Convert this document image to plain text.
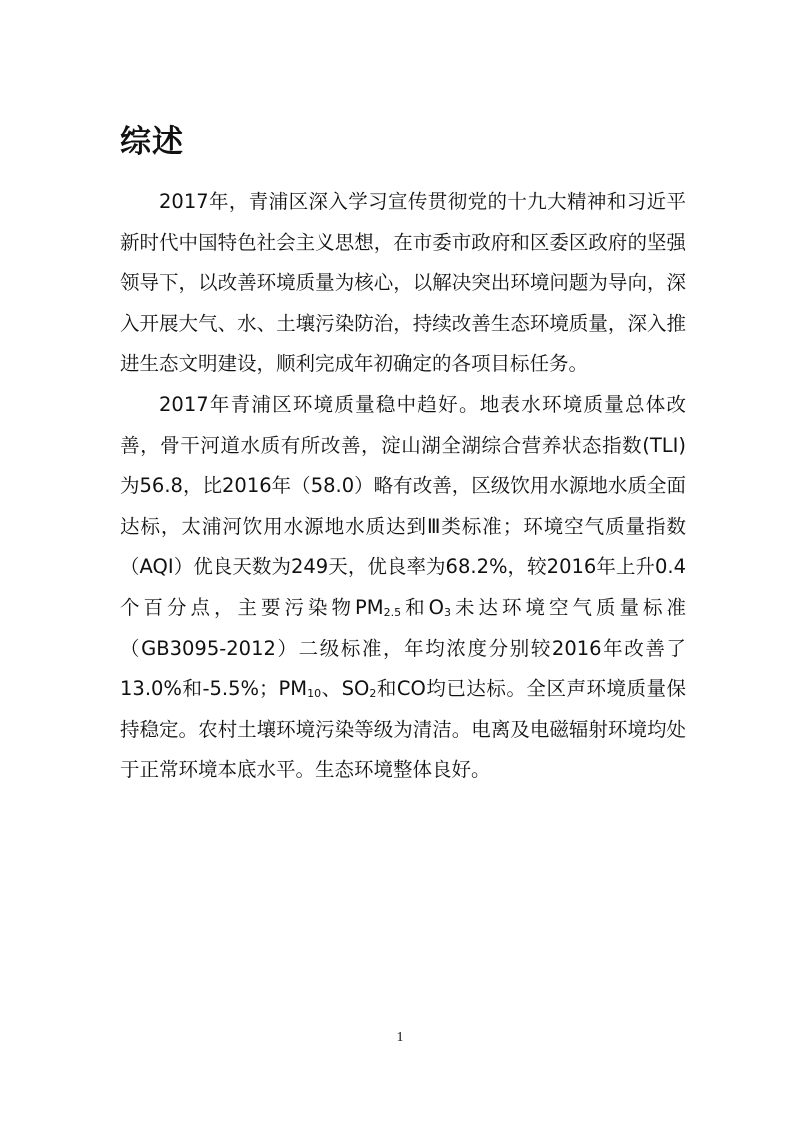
综述

2017年，青浦区深入学习宣传贯彻党的十九大精神和习近平新时代中国特色社会主义思想，在市委市政府和区委区政府的坚强领导下，以改善环境质量为核心，以解决突出环境问题为导向，深入开展大气、水、土壤污染防治，持续改善生态环境质量，深入推进生态文明建设，顺利完成年初确定的各项目标任务。

2017年青浦区环境质量稳中趋好。地表水环境质量总体改善，骨干河道水质有所改善，淀山湖全湖综合营养状态指数(TLI)为56.8，比2016年（58.0）略有改善，区级饮用水源地水质全面达标，太浦河饮用水源地水质达到Ⅲ类标准；环境空气质量指数（AQI）优良天数为249天，优良率为68.2%，较2016年上升0.4个百分点，主要污染物$PM_{2.5}$和$O_3$未达环境空气质量标准（GB3095-2012）二级标准，年均浓度分别较2016年改善了13.0%和-5.5%；$PM_{10}$、$SO_2$和CO均已达标。全区声环境质量保持稳定。农村土壤环境污染等级为清洁。电离及电磁辐射环境均处于正常环境本底水平。生态环境整体良好。

1
